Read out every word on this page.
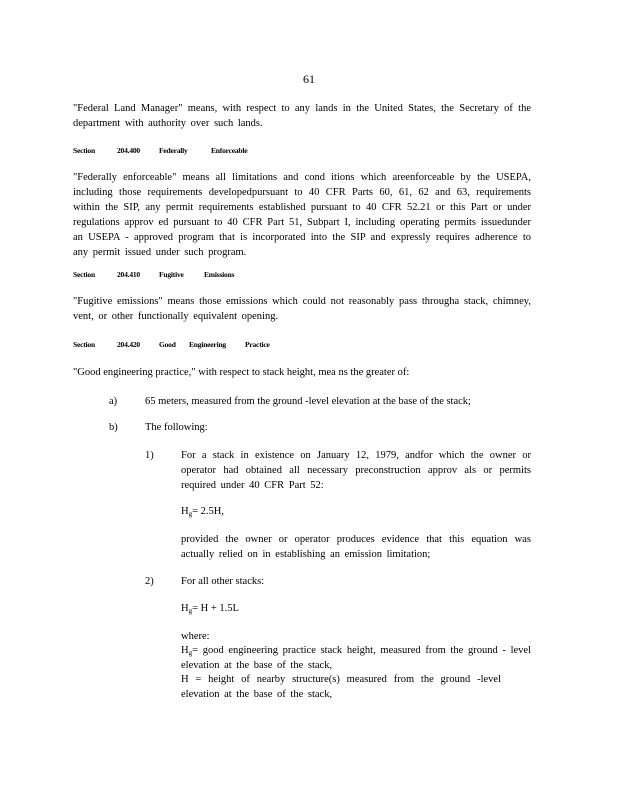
61
"Federal Land Manager" means, with respect to any lands in the United States, the Secretary of the department with authority over such lands.
Section	204.400	Federally	Enforceable
"Federally enforceable" means all limitations and cond itions which areenforceable by the USEPA, including those requirements developedpursuant to 40 CFR Parts 60, 61, 62 and 63, requirements within the SIP, any permit requirements established pursuant to 40 CFR 52.21 or this Part or under regulations approv ed pursuant to 40 CFR Part 51, Subpart I, including operating permits issuedunder an USEPA - approved program that is incorporated into the SIP and expressly requires adherence to any permit issued under such program.
Section	204.410	Fugitive	Emissions
"Fugitive emissions" means those emissions which could not reasonably pass througha stack, chimney, vent, or other functionally equivalent opening.
Section	204.420	Good Engineering	Practice
"Good engineering practice," with respect to stack height, mea ns the greater of:
a)	65 meters, measured from the ground -level elevation at the base of the stack;
b)	The following:
1)	For a stack in existence on January 12, 1979, andfor which the owner or operator had obtained all necessary preconstruction approv als or permits required under 40 CFR Part 52:
$H_g= 2.5H$,
provided the owner or operator produces evidence that this equation was actually relied on in establishing an emission limitation;
2)	For all other stacks:
$H_g= H + 1.5L$
where:
$H_g=$ good engineering practice stack height, measured from the ground - level elevation at the base of the stack,
H = height of nearby structure(s) measured from the ground -level elevation at the base of the stack,
